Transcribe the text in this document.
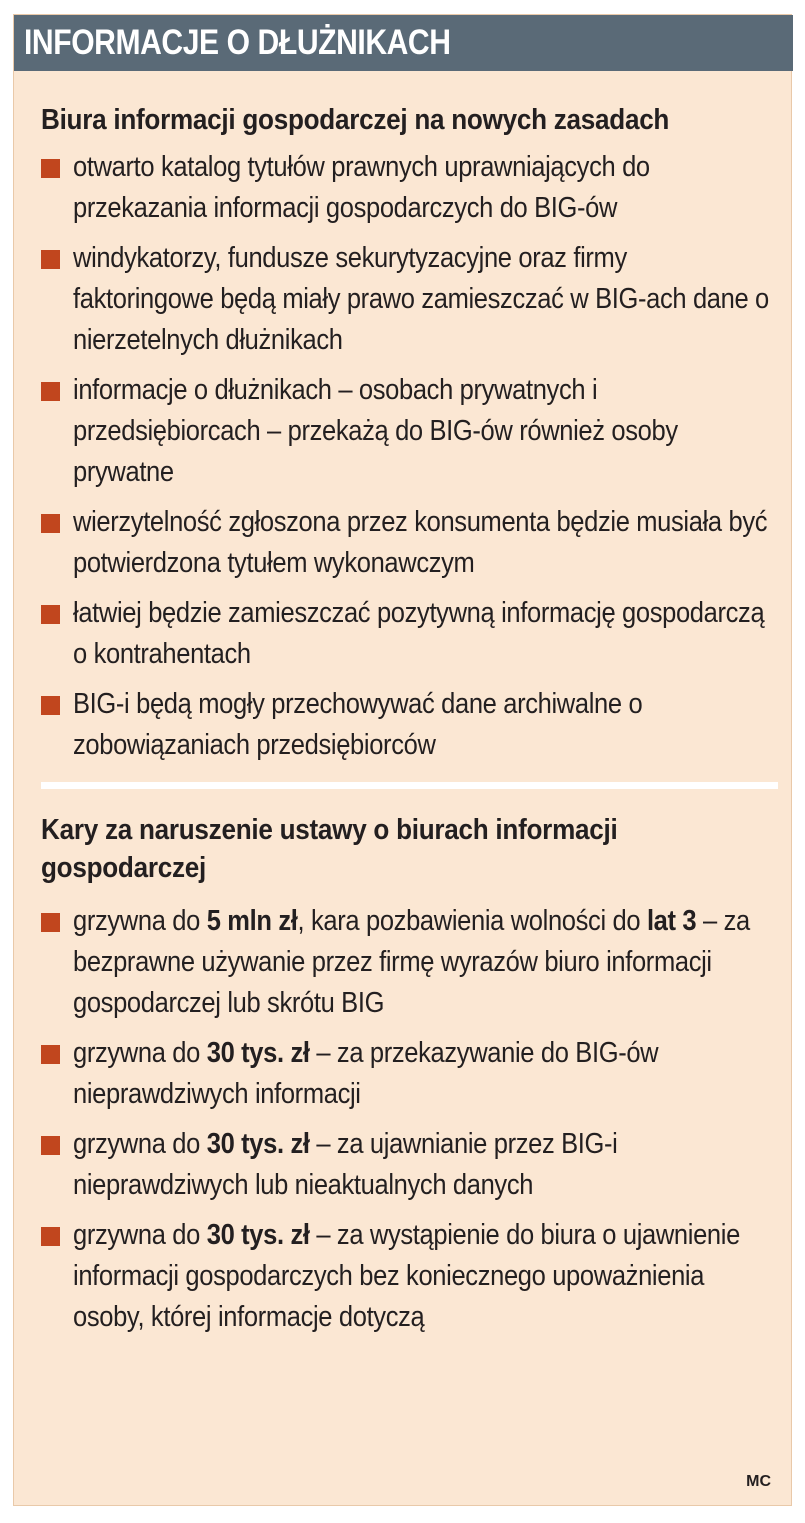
INFORMACJE O DŁUŻNIKACH
Biura informacji gospodarczej na nowych zasadach
otwarto katalog tytułów prawnych uprawniających do przekazania informacji gospodarczych do BIG-ów
windykatorzy, fundusze sekurytyzacyjne oraz firmy faktoringowe będą miały prawo zamieszczać w BIG-ach dane o nierzetelnych dłużnikach
informacje o dłużnikach – osobach prywatnych i przedsiębiorcach – przekażą do BIG-ów również osoby prywatne
wierzytelność zgłoszona przez konsumenta będzie musiała być potwierdzona tytułem wykonawczym
łatwiej będzie zamieszczać pozytywną informację gospodarczą o kontrahentach
BIG-i będą mogły przechowywać dane archiwalne o zobowiązaniach przedsiębiorców
Kary za naruszenie ustawy o biurach informacji gospodarczej
grzywna do 5 mln zł, kara pozbawienia wolności do lat 3 – za bezprawne używanie przez firmę wyrazów biuro informacji gospodarczej lub skrótu BIG
grzywna do 30 tys. zł – za przekazywanie do BIG-ów nieprawdziwych informacji
grzywna do 30 tys. zł – za ujawnianie przez BIG-i nieprawdziwych lub nieaktualnych danych
grzywna do 30 tys. zł – za wystąpienie do biura o ujawnienie informacji gospodarczych bez koniecznego upoważnienia osoby, której informacje dotyczą
MC
